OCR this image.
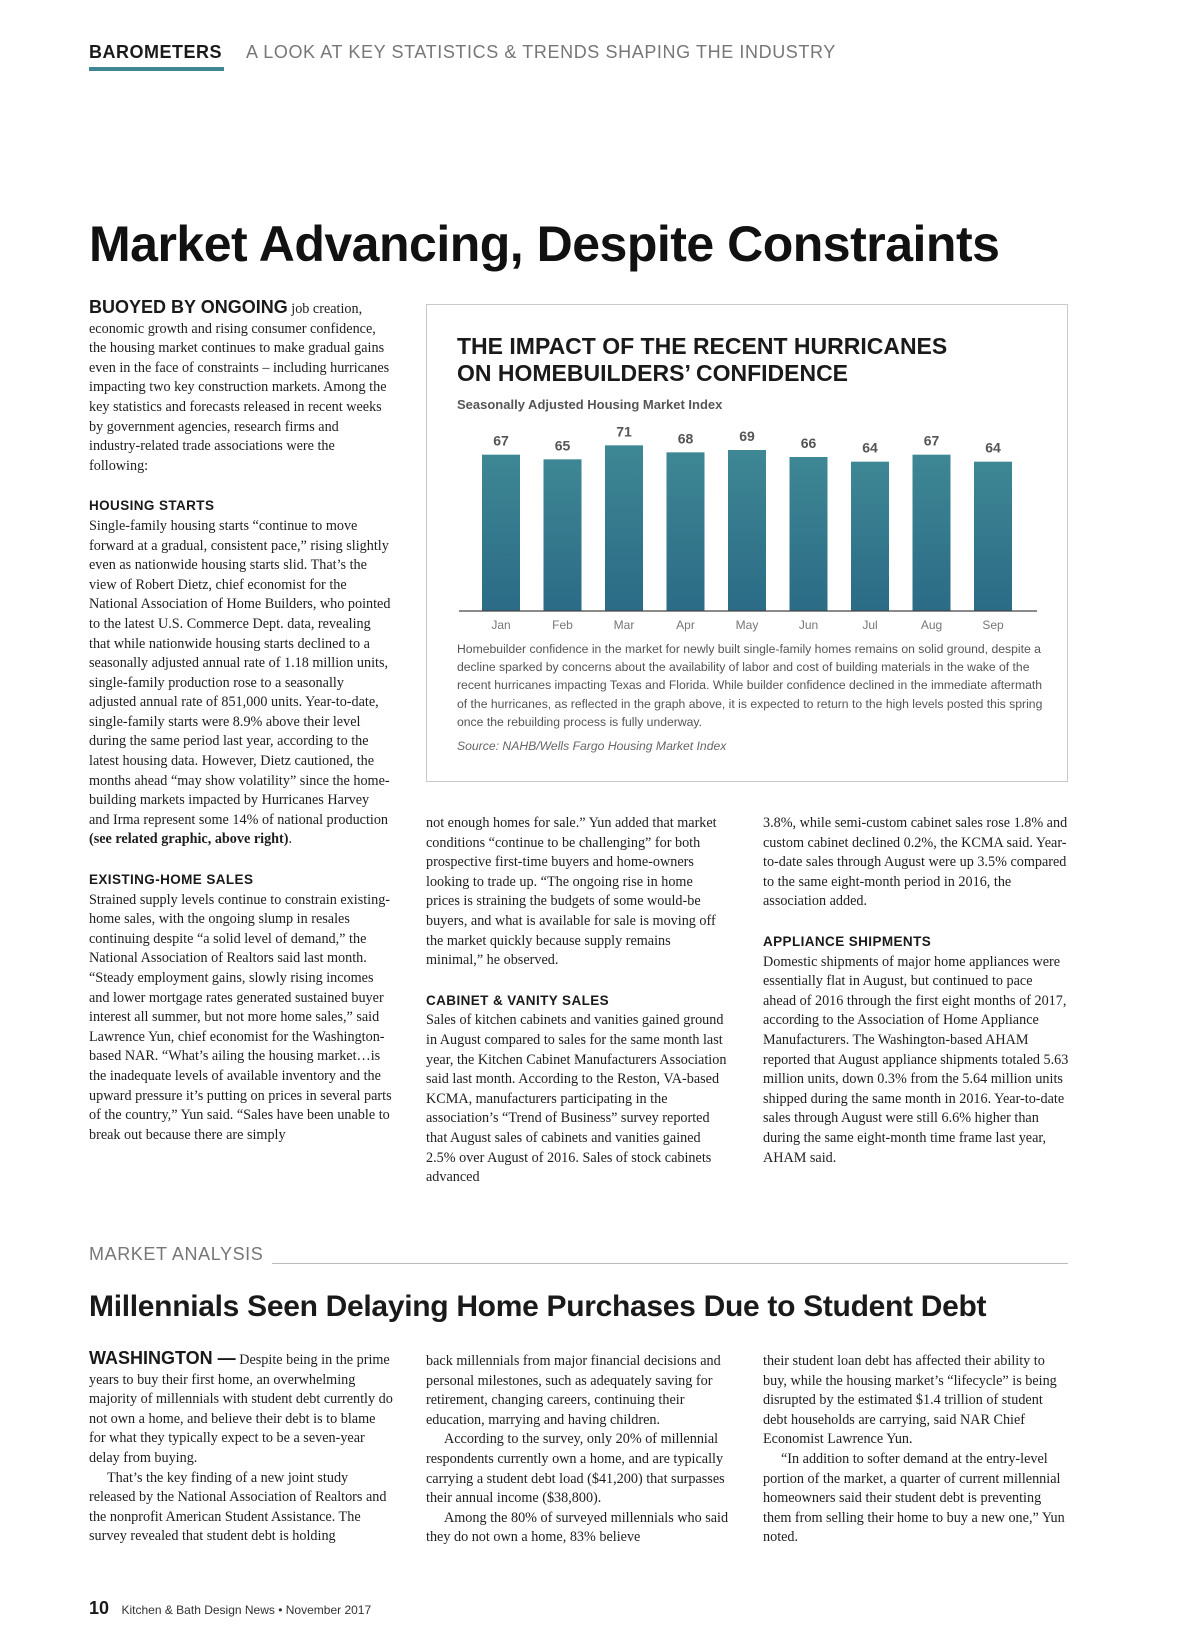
BAROMETERS A LOOK AT KEY STATISTICS & TRENDS SHAPING THE INDUSTRY
Market Advancing, Despite Constraints

BUOYED BY ONGOING job creation, economic growth and rising consumer confidence, the housing market continues to make gradual gains even in the face of constraints – including hurricanes impacting two key construction markets. Among the key statistics and forecasts released in recent weeks by government agencies, research firms and industry-related trade associations were the following:

HOUSING STARTS

Single-family housing starts “continue to move forward at a gradual, consistent pace,” rising slightly even as nationwide housing starts slid. That’s the view of Robert Dietz, chief economist for the National Association of Home Builders, who pointed to the latest U.S. Commerce Dept. data, revealing that while nationwide housing starts declined to a seasonally adjusted annual rate of 1.18 million units, single-family production rose to a seasonally adjusted annual rate of 851,000 units. Year-to-date, single-family starts were 8.9% above their level during the same period last year, according to the latest housing data. However, Dietz cautioned, the months ahead “may show volatility” since the home-building markets impacted by Hurricanes Harvey and Irma represent some 14% of national production (see related graphic, above right).

EXISTING-HOME SALES

Strained supply levels continue to constrain existing-home sales, with the ongoing slump in resales continuing despite “a solid level of demand,” the National Association of Realtors said last month. “Steady employment gains, slowly rising incomes and lower mortgage rates generated sustained buyer interest all summer, but not more home sales,” said Lawrence Yun, chief economist for the Washington-based NAR. “What’s ailing the housing market…is the inadequate levels of available inventory and the upward pressure it’s putting on prices in several parts of the country,” Yun said. “Sales have been unable to break out because there are simply

THE IMPACT OF THE RECENT HURRICANES
ON HOMEBUILDERS’ CONFIDENCE
Seasonally Adjusted Housing Market Index
67
Jan
65
Feb
71
Mar
68
Apr
69
May
66
Jun
64
Jul
67
Aug
64
Sep
Homebuilder confidence in the market for newly built single-family homes remains on solid ground, despite a decline sparked by concerns about the availability of labor and cost of building materials in the wake of the recent hurricanes impacting Texas and Florida. While builder confidence declined in the immediate aftermath of the hurricanes, as reflected in the graph above, it is expected to return to the high levels posted this spring once the rebuilding process is fully underway.
Source: NAHB/Wells Fargo Housing Market Index

not enough homes for sale.” Yun added that market conditions “continue to be challenging” for both prospective first-time buyers and home-owners looking to trade up. “The ongoing rise in home prices is straining the budgets of some would-be buyers, and what is available for sale is moving off the market quickly because supply remains minimal,” he observed.

CABINET & VANITY SALES

Sales of kitchen cabinets and vanities gained ground in August compared to sales for the same month last year, the Kitchen Cabinet Manufacturers Association said last month. According to the Reston, VA-based KCMA, manufacturers participating in the association’s “Trend of Business” survey reported that August sales of cabinets and vanities gained 2.5% over August of 2016. Sales of stock cabinets advanced

3.8%, while semi-custom cabinet sales rose 1.8% and custom cabinet declined 0.2%, the KCMA said. Year-to-date sales through August were up 3.5% compared to the same eight-month period in 2016, the association added.

APPLIANCE SHIPMENTS

Domestic shipments of major home appliances were essentially flat in August, but continued to pace ahead of 2016 through the first eight months of 2017, according to the Association of Home Appliance Manufacturers. The Washington-based AHAM reported that August appliance shipments totaled 5.63 million units, down 0.3% from the 5.64 million units shipped during the same month in 2016. Year-to-date sales through August were still 6.6% higher than during the same eight-month time frame last year, AHAM said.

MARKET ANALYSIS
Millennials Seen Delaying Home Purchases Due to Student Debt

WASHINGTON — Despite being in the prime years to buy their first home, an overwhelming majority of millennials with student debt currently do not own a home, and believe their debt is to blame for what they typically expect to be a seven-year delay from buying.

That’s the key finding of a new joint study released by the National Association of Realtors and the nonprofit American Student Assistance. The survey revealed that student debt is holding

back millennials from major financial decisions and personal milestones, such as adequately saving for retirement, changing careers, continuing their education, marrying and having children.

According to the survey, only 20% of millennial respondents currently own a home, and are typically carrying a student debt load ($41,200) that surpasses their annual income ($38,800).

Among the 80% of surveyed millennials who said they do not own a home, 83% believe

their student loan debt has affected their ability to buy, while the housing market’s “lifecycle” is being disrupted by the estimated $1.4 trillion of student debt households are carrying, said NAR Chief Economist Lawrence Yun.

“In addition to softer demand at the entry-level portion of the market, a quarter of current millennial homeowners said their student debt is preventing them from selling their home to buy a new one,” Yun noted.

10 Kitchen & Bath Design News • November 2017
